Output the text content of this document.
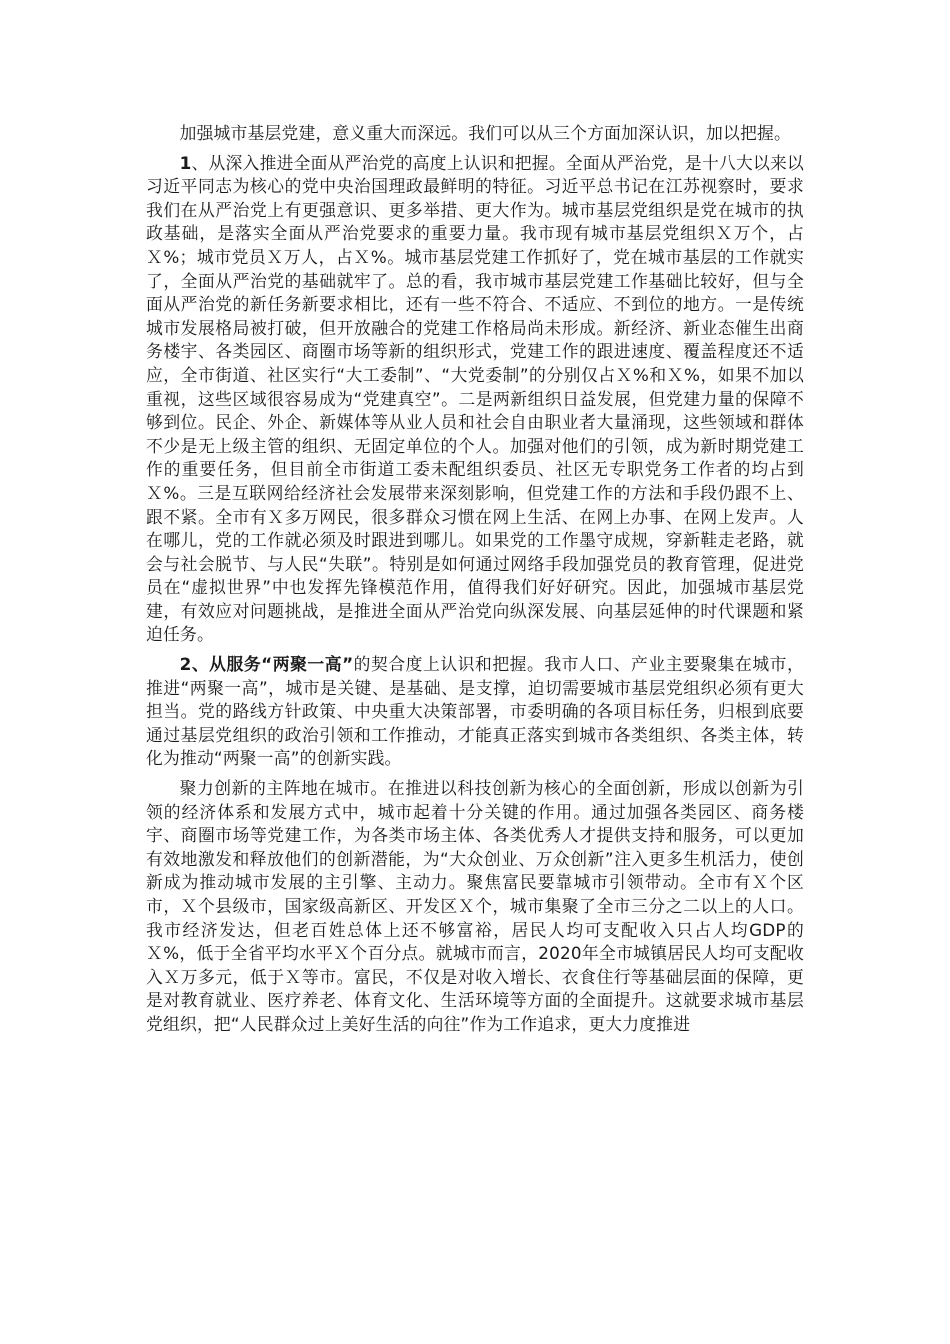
加强城市基层党建，意义重大而深远。我们可以从三个方面加深认识，加以把握。

1、从深入推进全面从严治党的高度上认识和把握。全面从严治党，是十八大以来以习近平同志为核心的党中央治国理政最鲜明的特征。习近平总书记在江苏视察时，要求我们在从严治党上有更强意识、更多举措、更大作为。城市基层党组织是党在城市的执政基础，是落实全面从严治党要求的重要力量。我市现有城市基层党组织Ｘ万个，占Ｘ%；城市党员Ｘ万人，占Ｘ%。城市基层党建工作抓好了，党在城市基层的工作就实了，全面从严治党的基础就牢了。总的看，我市城市基层党建工作基础比较好，但与全面从严治党的新任务新要求相比，还有一些不符合、不适应、不到位的地方。一是传统城市发展格局被打破，但开放融合的党建工作格局尚未形成。新经济、新业态催生出商务楼宇、各类园区、商圈市场等新的组织形式，党建工作的跟进速度、覆盖程度还不适应，全市街道、社区实行“大工委制”、“大党委制”的分别仅占Ｘ%和Ｘ%，如果不加以重视，这些区域很容易成为“党建真空”。二是两新组织日益发展，但党建力量的保障不够到位。民企、外企、新媒体等从业人员和社会自由职业者大量涌现，这些领域和群体不少是无上级主管的组织、无固定单位的个人。加强对他们的引领，成为新时期党建工作的重要任务，但目前全市街道工委未配组织委员、社区无专职党务工作者的均占到Ｘ%。三是互联网给经济社会发展带来深刻影响，但党建工作的方法和手段仍跟不上、跟不紧。全市有Ｘ多万网民，很多群众习惯在网上生活、在网上办事、在网上发声。人在哪儿，党的工作就必须及时跟进到哪儿。如果党的工作墨守成规，穿新鞋走老路，就会与社会脱节、与人民“失联”。特别是如何通过网络手段加强党员的教育管理，促进党员在“虚拟世界”中也发挥先锋模范作用，值得我们好好研究。因此，加强城市基层党建，有效应对问题挑战，是推进全面从严治党向纵深发展、向基层延伸的时代课题和紧迫任务。

2、从服务“两聚一高”的契合度上认识和把握。我市人口、产业主要聚集在城市，推进“两聚一高”，城市是关键、是基础、是支撑，迫切需要城市基层党组织必须有更大担当。党的路线方针政策、中央重大决策部署，市委明确的各项目标任务，归根到底要通过基层党组织的政治引领和工作推动，才能真正落实到城市各类组织、各类主体，转化为推动“两聚一高”的创新实践。

聚力创新的主阵地在城市。在推进以科技创新为核心的全面创新，形成以创新为引领的经济体系和发展方式中，城市起着十分关键的作用。通过加强各类园区、商务楼宇、商圈市场等党建工作，为各类市场主体、各类优秀人才提供支持和服务，可以更加有效地激发和释放他们的创新潜能，为“大众创业、万众创新”注入更多生机活力，使创新成为推动城市发展的主引擎、主动力。聚焦富民要靠城市引领带动。全市有Ｘ个区市，Ｘ个县级市，国家级高新区、开发区Ｘ个，城市集聚了全市三分之二以上的人口。我市经济发达，但老百姓总体上还不够富裕，居民人均可支配收入只占人均GDP的Ｘ%，低于全省平均水平Ｘ个百分点。就城市而言，2020年全市城镇居民人均可支配收入Ｘ万多元，低于Ｘ等市。富民，不仅是对收入增长、衣食住行等基础层面的保障，更是对教育就业、医疗养老、体育文化、生活环境等方面的全面提升。这就要求城市基层党组织，把“人民群众过上美好生活的向往”作为工作追求，更大力度推进
